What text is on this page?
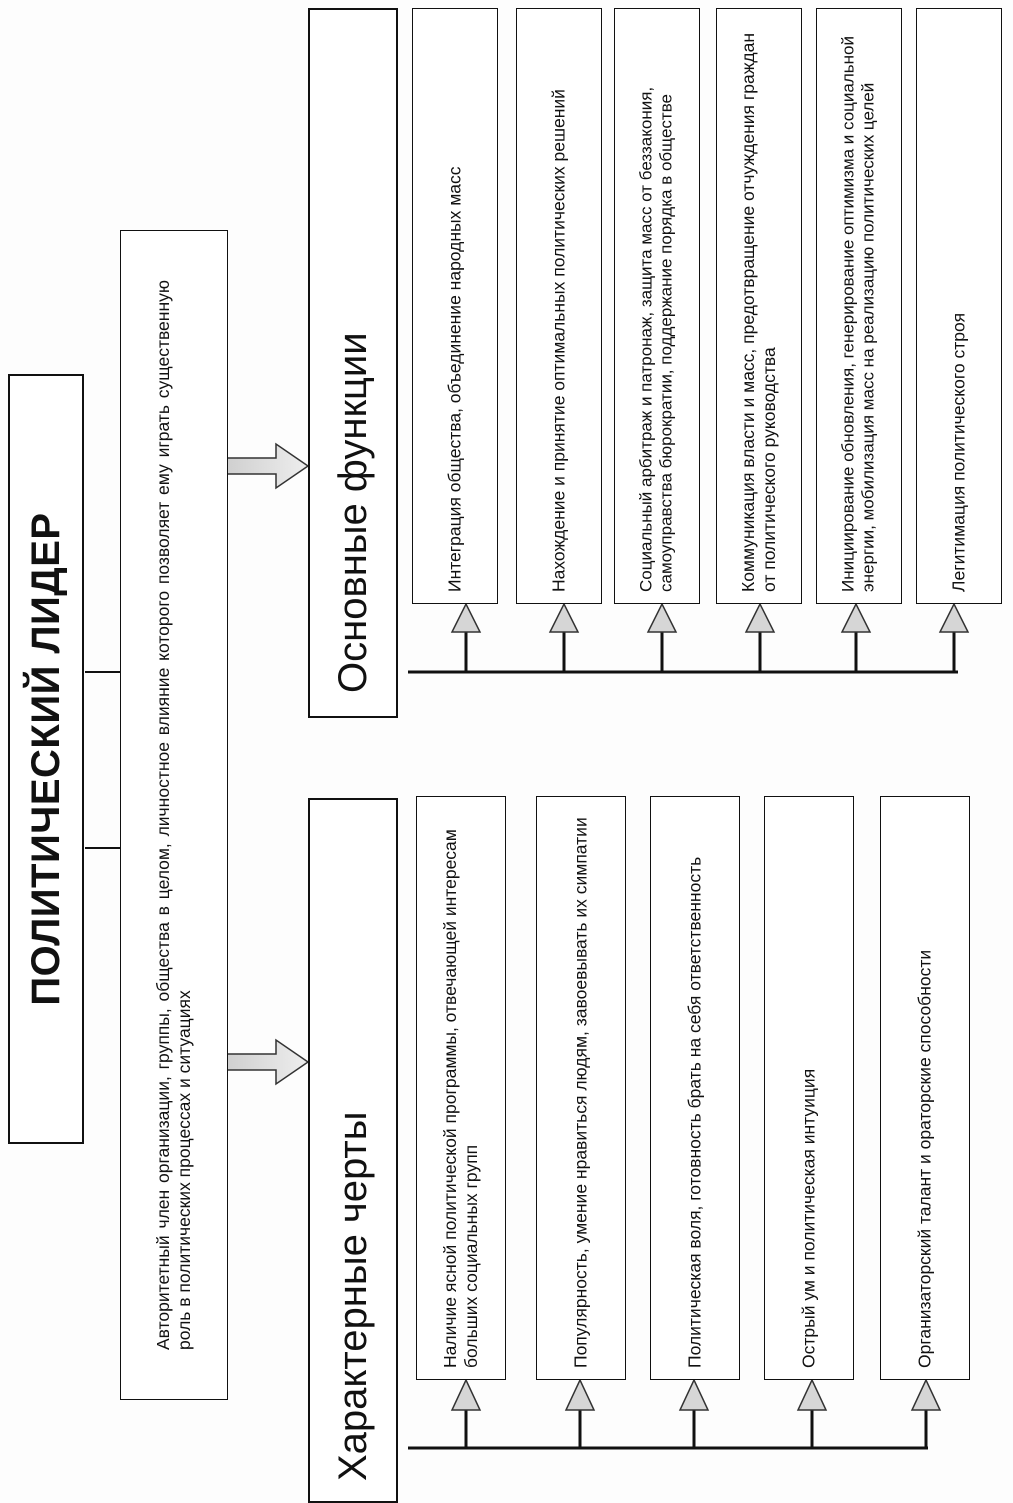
ПОЛИТИЧЕСКИЙ ЛИДЕР	Авторитетный член организации, группы, общества в целом, личностное влияние которого позволяет ему играть существенную роль в политических процессах и ситуациях	Характерные черты
Основные функции
Наличие ясной политической программы, отвечающей интересам больших социальных групп	Популярность, умение нравиться людям, завоевывать их симпатии	Политическая воля, готовность брать на себя ответственность	Острый ум и политическая интуиция	Организаторский талант и ораторские способности
Интеграция общества, объединение народных масс	Нахождение и принятие оптимальных политических решений	Социальный арбитраж и патронаж, защита масс от беззакония, самоуправства бюрократии, поддержание порядка в обществе	Коммуникация власти и масс, предотвращение отчуждения граждан от политического руководства	Инициирование обновления, генерирование оптимизма и социальной энергии, мобилизация масс на реализацию политических целей	Легитимация политического строя
